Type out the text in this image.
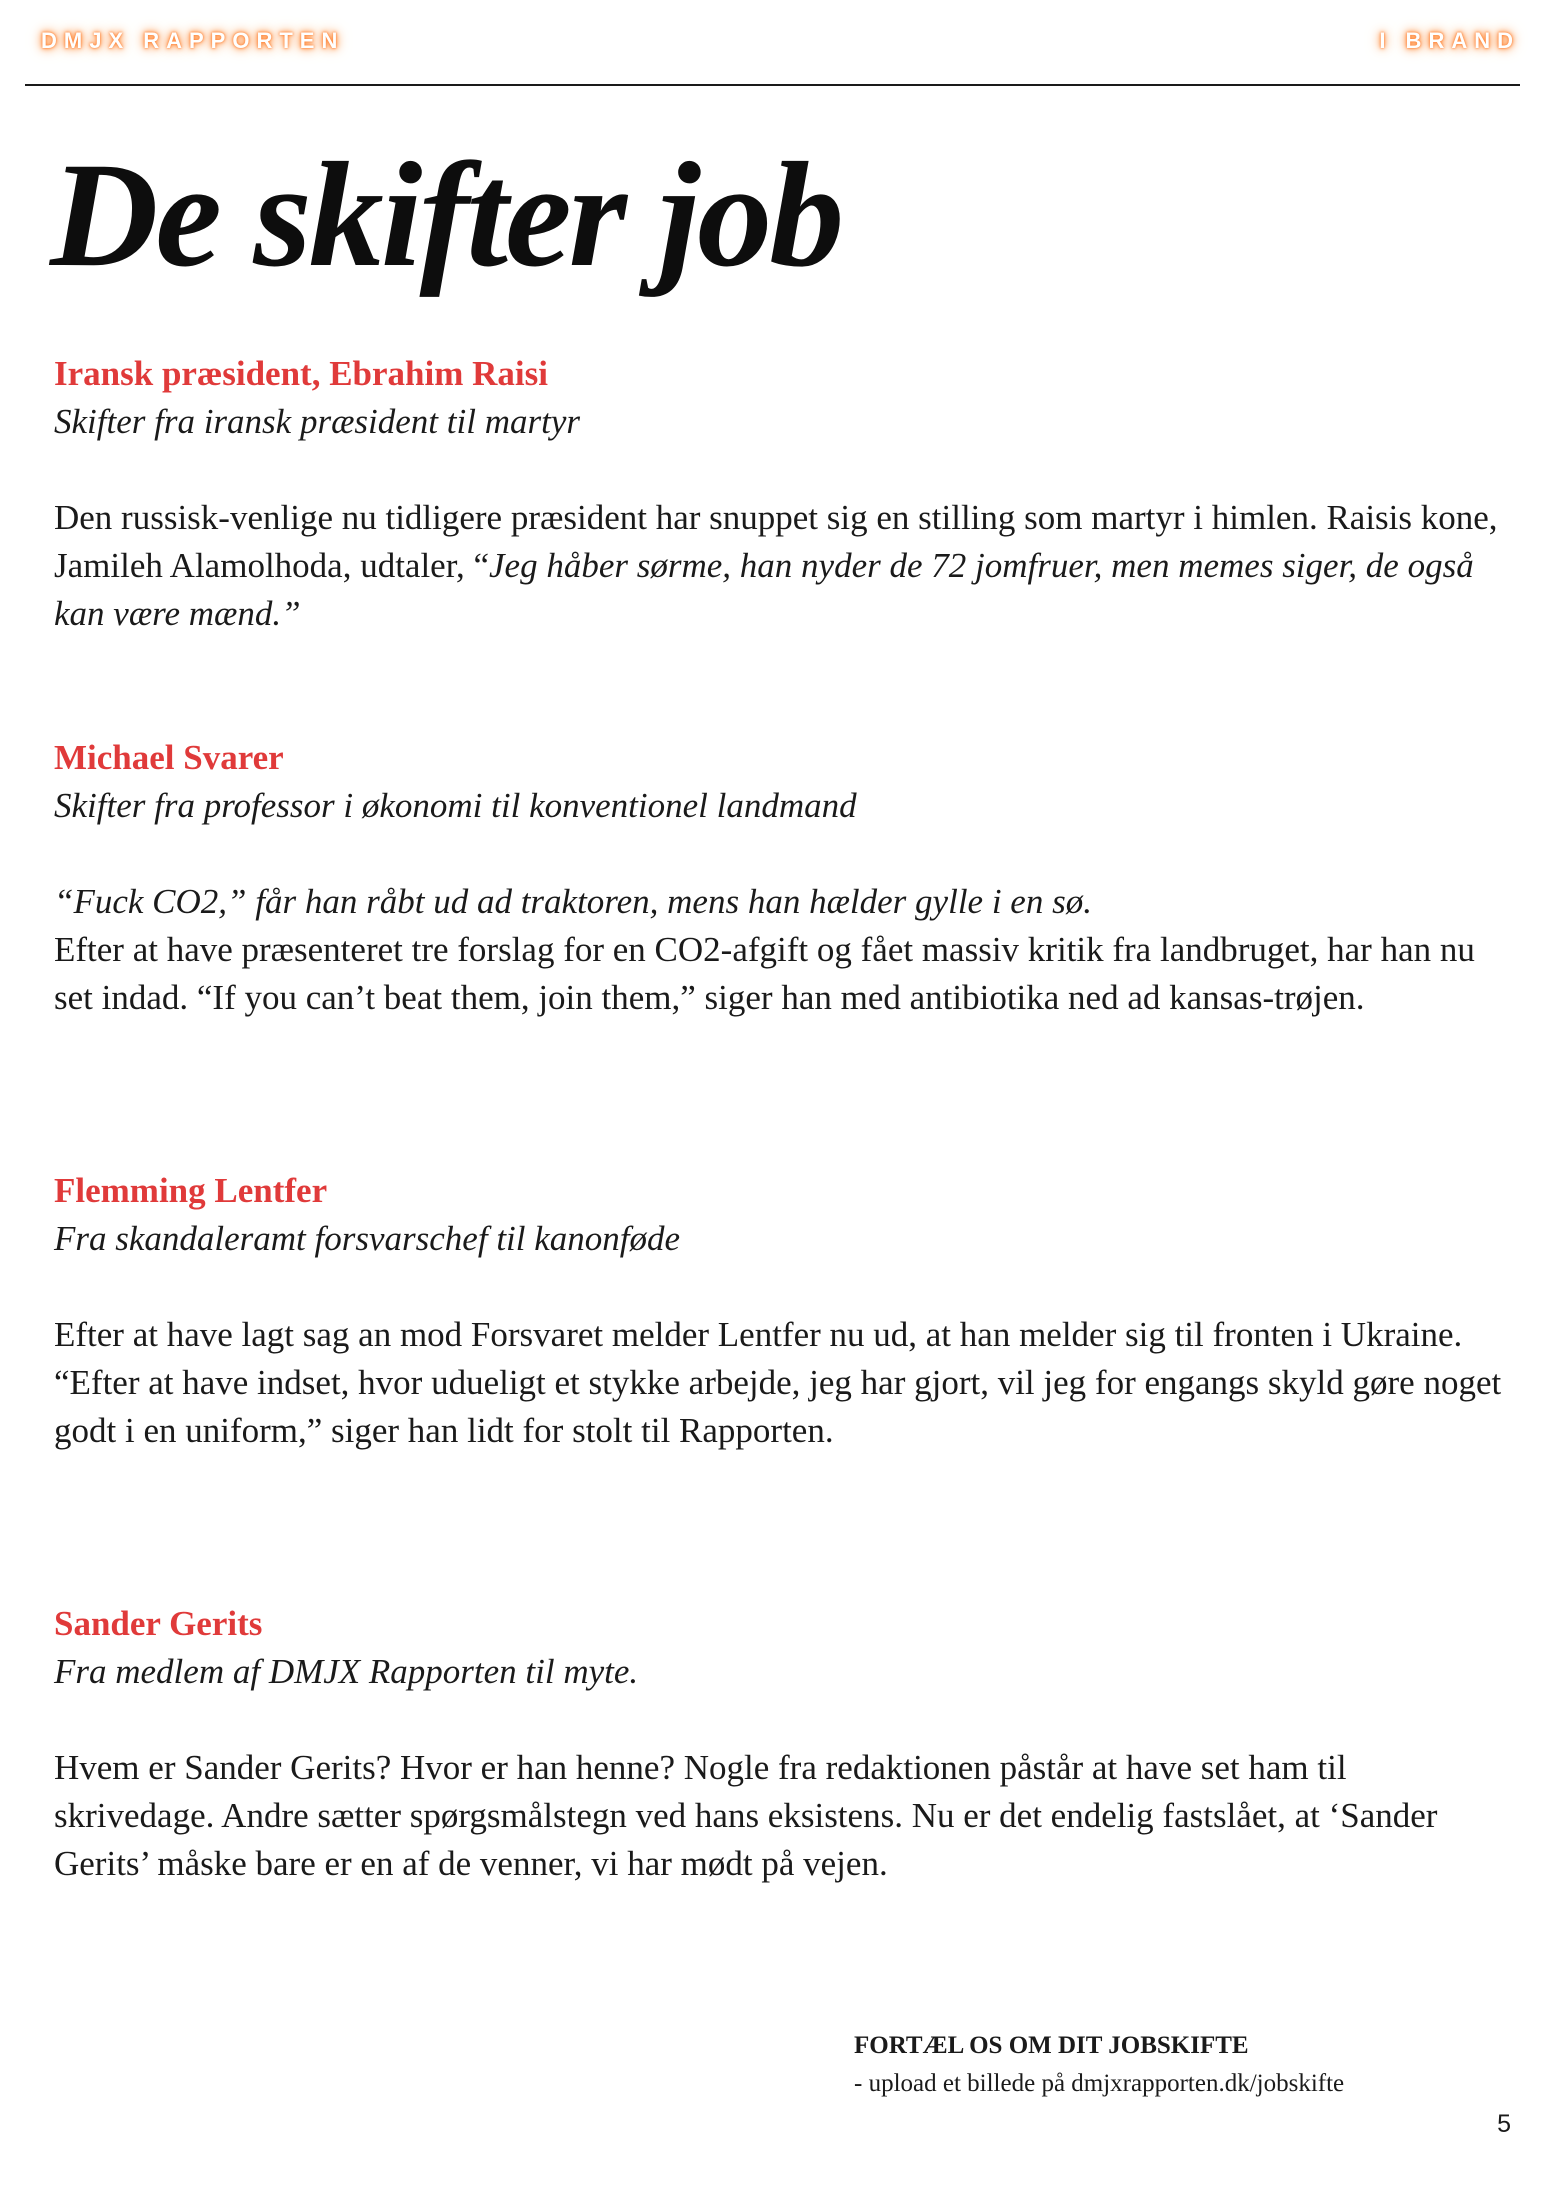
DMJX RAPPORTEN	I BRAND
De skifter job
Iransk præsident, Ebrahim Raisi

Skifter fra iransk præsident til martyr

Den russisk-venlige nu tidligere præsident har snuppet sig en stilling som martyr i himlen. Raisis kone, Jamileh Alamolhoda, udtaler, “Jeg håber sørme, han nyder de 72 jomfruer, men memes siger, de også kan være mænd.”

Michael Svarer

Skifter fra professor i økonomi til konventionel landmand

“Fuck CO2,” får han råbt ud ad traktoren, mens han hælder gylle i en sø.

Efter at have præsenteret tre forslag for en CO2-afgift og fået massiv kritik fra landbruget, har han nu set indad. “If you can’t beat them, join them,” siger han med antibiotika ned ad kansas-trøjen.

Flemming Lentfer

Fra skandaleramt forsvarschef til kanonføde

Efter at have lagt sag an mod Forsvaret melder Lentfer nu ud, at han melder sig til fronten i Ukraine.

“Efter at have indset, hvor udueligt et stykke arbejde, jeg har gjort, vil jeg for engangs skyld gøre noget godt i en uniform,” siger han lidt for stolt til Rapporten.

Sander Gerits

Fra medlem af DMJX Rapporten til myte.

Hvem er Sander Gerits? Hvor er han henne? Nogle fra redaktionen påstår at have set ham til skrivedage. Andre sætter spørgsmålstegn ved hans eksistens. Nu er det endelig fastslået, at ‘Sander Gerits’ måske bare er en af de venner, vi har mødt på vejen.

FORTÆL OS OM DIT JOBSKIFTE

- upload et billede på dmjxrapporten.dk/jobskifte

5
